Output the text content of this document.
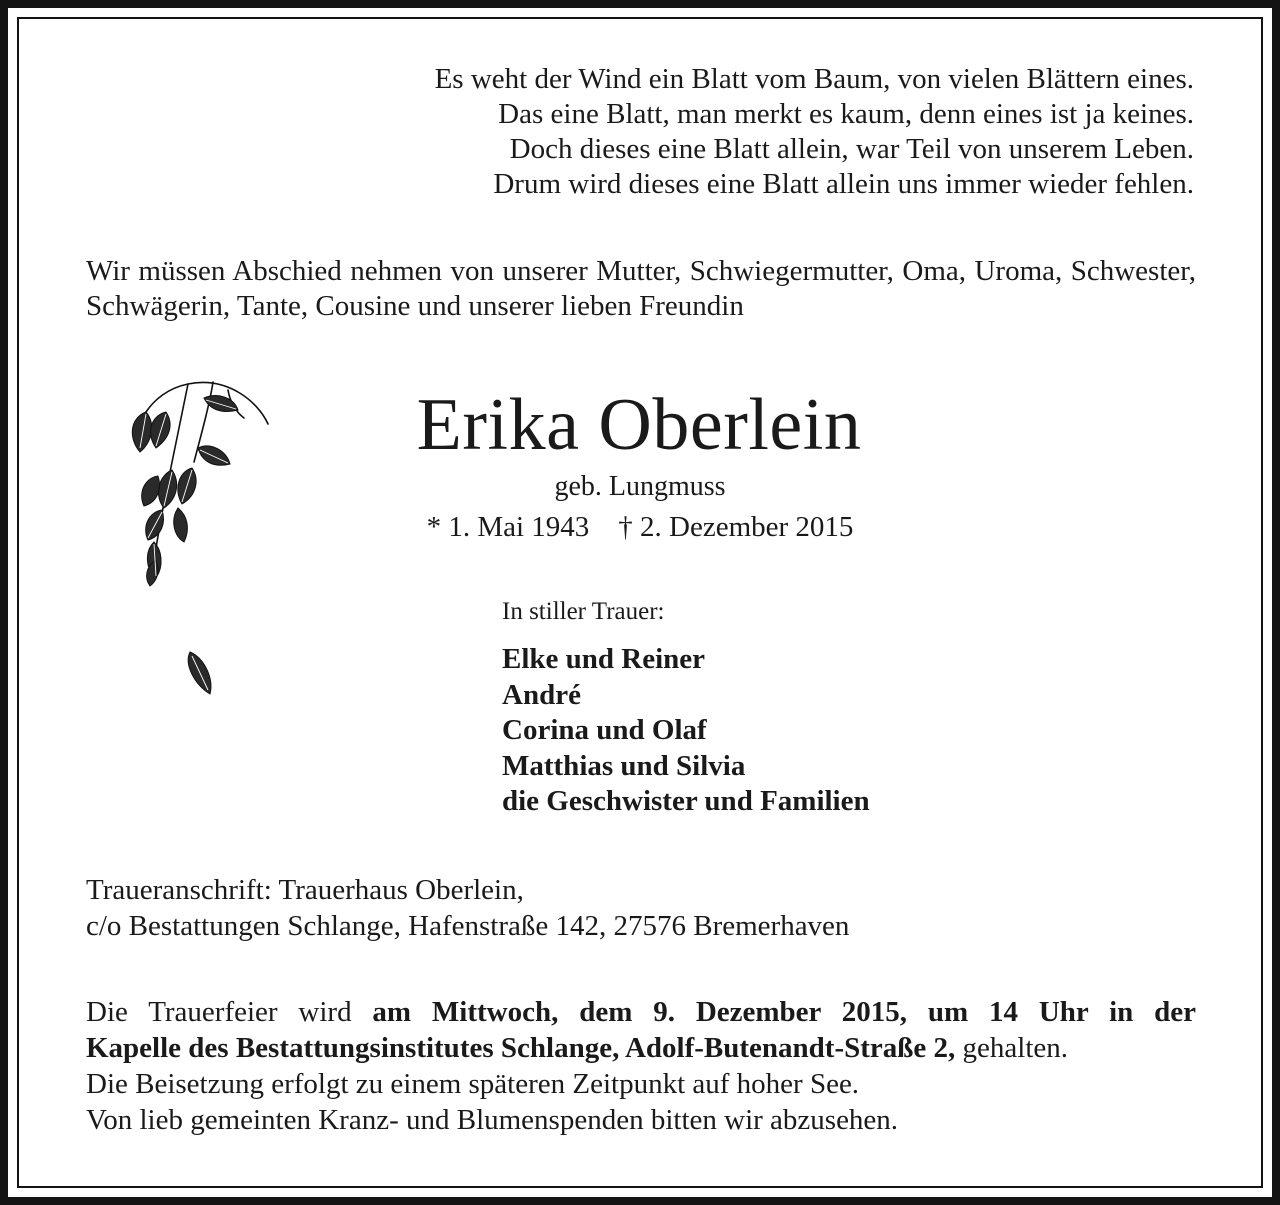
Es weht der Wind ein Blatt vom Baum, von vielen Blättern eines.
Das eine Blatt, man merkt es kaum, denn eines ist ja keines.
Doch dieses eine Blatt allein, war Teil von unserem Leben.
Drum wird dieses eine Blatt allein uns immer wieder fehlen.
Wir müssen Abschied nehmen von unserer Mutter, Schwiegermutter, Oma, Uroma, Schwester, Schwägerin, Tante, Cousine und unserer lieben Freundin
Erika Oberlein
geb. Lungmuss
* 1. Mai 1943    † 2. Dezember 2015
In stiller Trauer:
Elke und Reiner
André
Corina und Olaf
Matthias und Silvia
die Geschwister und Familien
Traueranschrift: Trauerhaus Oberlein,
c/o Bestattungen Schlange, Hafenstraße 142, 27576 Bremerhaven
Die Trauerfeier wird am Mittwoch, dem 9. Dezember 2015, um 14 Uhr in der
Kapelle des Bestattungsinstitutes Schlange, Adolf-Butenandt-Straße 2, gehalten.
Die Beisetzung erfolgt zu einem späteren Zeitpunkt auf hoher See.
Von lieb gemeinten Kranz- und Blumenspenden bitten wir abzusehen.
